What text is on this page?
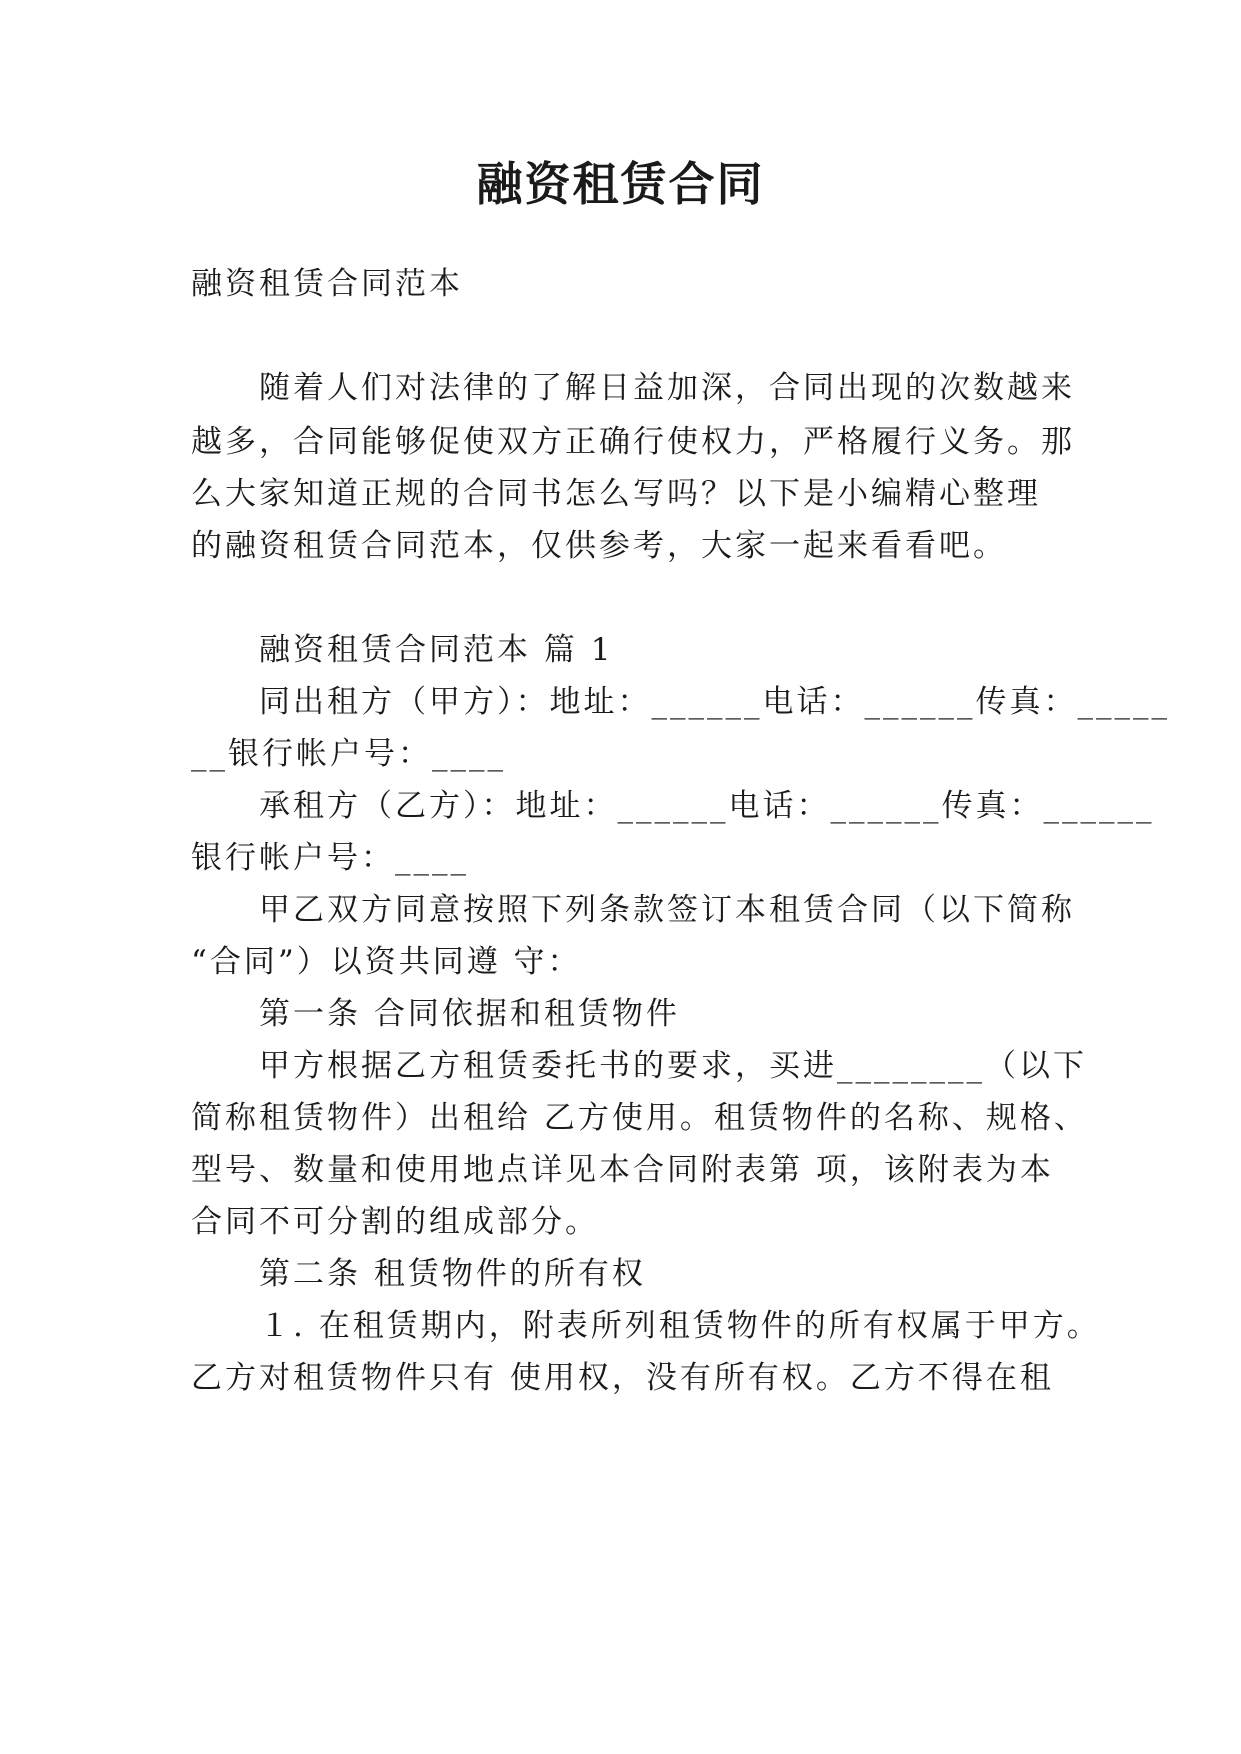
融资租赁合同

融资租赁合同范本

随着人们对法律的了解日益加深，合同出现的次数越来

越多，合同能够促使双方正确行使权力，严格履行义务。那

么大家知道正规的合同书怎么写吗？以下是小编精心整理

的融资租赁合同范本，仅供参考，大家一起来看看吧。

融资租赁合同范本 篇 1

同出租方（甲方）：地址：______电话：______传真：_____

__银行帐户号：____

承租方（乙方）：地址：______电话：______传真：______

银行帐户号：____

甲乙双方同意按照下列条款签订本租赁合同（以下简称

“合同”）以资共同遵 守：

第一条 合同依据和租赁物件

甲方根据乙方租赁委托书的要求，买进________（以下

简称租赁物件）出租给 乙方使用。租赁物件的名称、规格、

型号、数量和使用地点详见本合同附表第 项，该附表为本

合同不可分割的组成部分。

第二条 租赁物件的所有权

１. 在租赁期内，附表所列租赁物件的所有权属于甲方。

乙方对租赁物件只有 使用权，没有所有权。乙方不得在租
